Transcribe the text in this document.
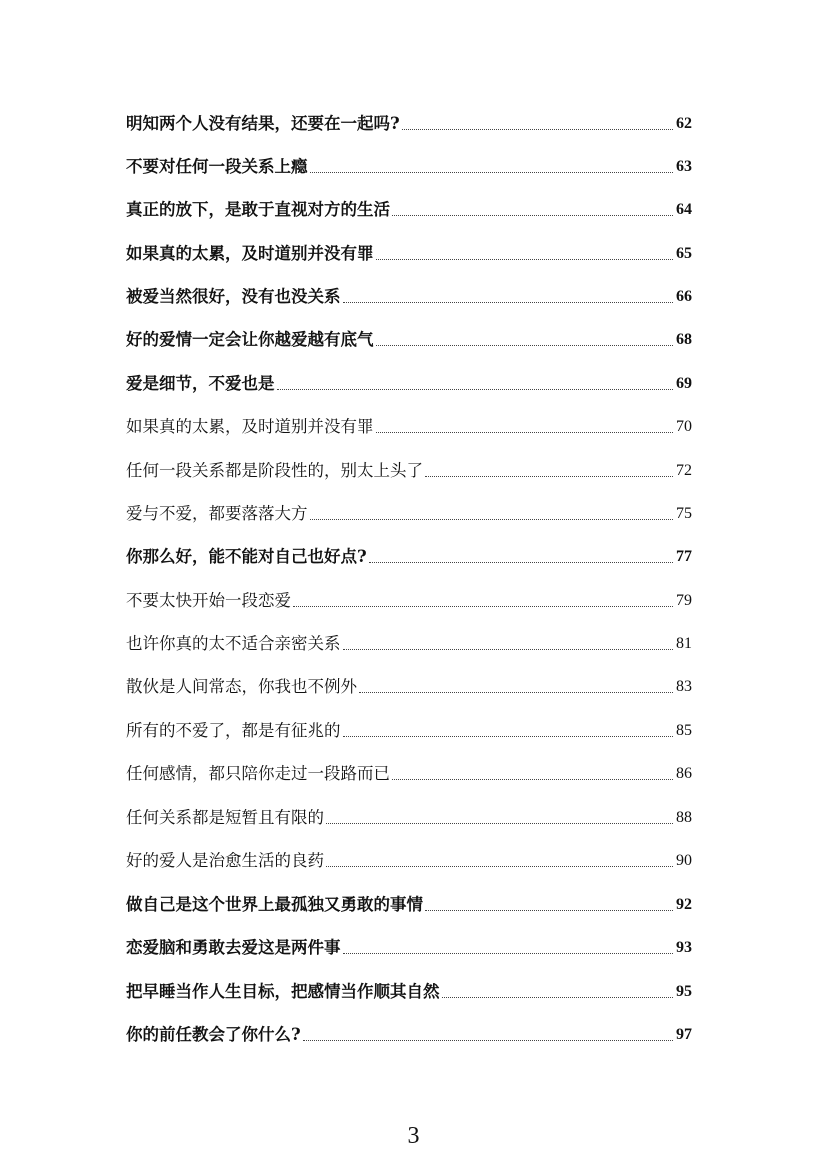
明知两个人没有结果，还要在一起吗?	62
不要对任何一段关系上瘾	63
真正的放下，是敢于直视对方的生活	64
如果真的太累，及时道别并没有罪	65
被爱当然很好，没有也没关系	66
好的爱情一定会让你越爱越有底气	68
爱是细节，不爱也是	69
如果真的太累，及时道别并没有罪	70
任何一段关系都是阶段性的，别太上头了	72
爱与不爱，都要落落大方	75
你那么好，能不能对自己也好点?	77
不要太快开始一段恋爱	79
也许你真的太不适合亲密关系	81
散伙是人间常态，你我也不例外	83
所有的不爱了，都是有征兆的	85
任何感情，都只陪你走过一段路而已	86
任何关系都是短暂且有限的	88
好的爱人是治愈生活的良药	90
做自己是这个世界上最孤独又勇敢的事情	92
恋爱脑和勇敢去爱这是两件事	93
把早睡当作人生目标，把感情当作顺其自然	95
你的前任教会了你什么?	97
3
